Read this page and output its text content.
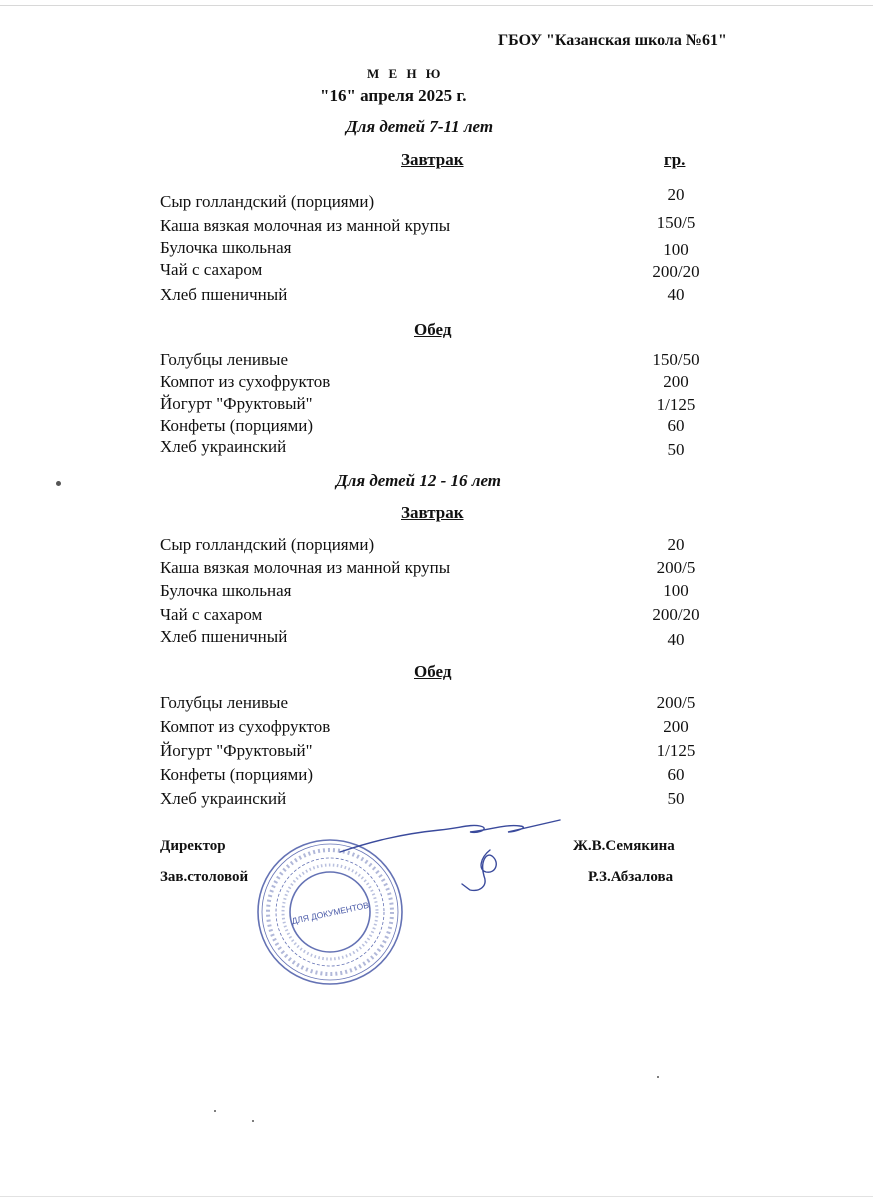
ГБОУ "Казанская школа №61"
М Е Н Ю
"16" апреля 2025 г.
Для детей 7-11 лет
Завтрак	гр.
Сыр голландский (порциями)	20
Каша вязкая молочная из манной крупы	150/5
Булочка школьная	100
Чай с сахаром	200/20
Хлеб пшеничный	40
Обед
Голубцы ленивые	150/50
Компот из сухофруктов	200
Йогурт "Фруктовый"	1/125
Конфеты (порциями)	60
Хлеб украинский	50
Для детей 12 - 16 лет
Завтрак
Сыр голландский (порциями)	20
Каша вязкая молочная из манной крупы	200/5
Булочка школьная	100
Чай с сахаром	200/20
Хлеб пшеничный	40
Обед
Голубцы ленивые	200/5
Компот из сухофруктов	200
Йогурт "Фруктовый"	1/125
Конфеты (порциями)	60
Хлеб украинский	50
Директор	Ж.В.Семякина
Зав.столовой	Р.З.Абзалова
ДЛЯ ДОКУМЕНТОВ
